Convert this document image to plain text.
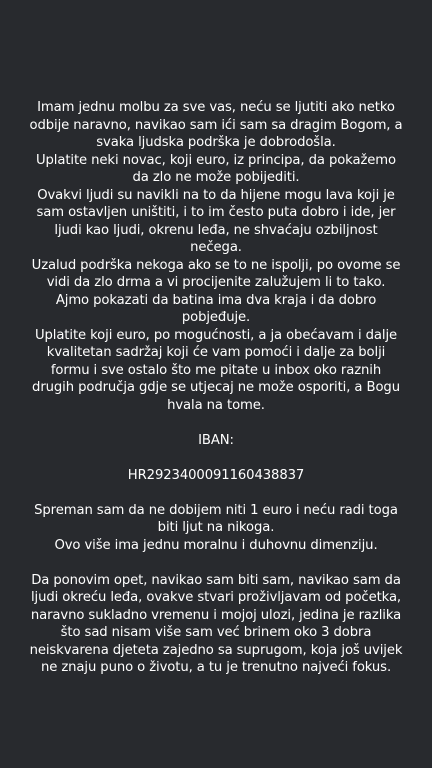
Imam jednu molbu za sve vas, neću se ljutiti ako netko odbije naravno, navikao sam ići sam sa dragim Bogom, a svaka ljudska podrška je dobrodošla.

Uplatite neki novac, koji euro, iz principa, da pokažemo da zlo ne može pobijediti.

Ovakvi ljudi su navikli na to da hijene mogu lava koji je sam ostavljen uništiti, i to im često puta dobro i ide, jer ljudi kao ljudi, okrenu leđa, ne shvaćaju ozbiljnost nečega.

Uzalud podrška nekoga ako se to ne ispolji, po ovome se vidi da zlo drma a vi procijenite zalužujem li to tako.

Ajmo pokazati da batina ima dva kraja i da dobro pobjeđuje.

Uplatite koji euro, po mogućnosti, a ja obećavam i dalje kvalitetan sadržaj koji će vam pomoći i dalje za bolji formu i sve ostalo što me pitate u inbox oko raznih drugih područja gdje se utjecaj ne može osporiti, a Bogu hvala na tome.

IBAN:

HR2923400091160438837

Spreman sam da ne dobijem niti 1 euro i neću radi toga biti ljut na nikoga.

Ovo više ima jednu moralnu i duhovnu dimenziju.

Da ponovim opet, navikao sam biti sam, navikao sam da ljudi okreću leđa, ovakve stvari proživljavam od početka, naravno sukladno vremenu i mojoj ulozi, jedina je razlika što sad nisam više sam već brinem oko 3 dobra neiskvarena djeteta zajedno sa suprugom, koja još uvijek ne znaju puno o životu, a tu je trenutno najveći fokus.
